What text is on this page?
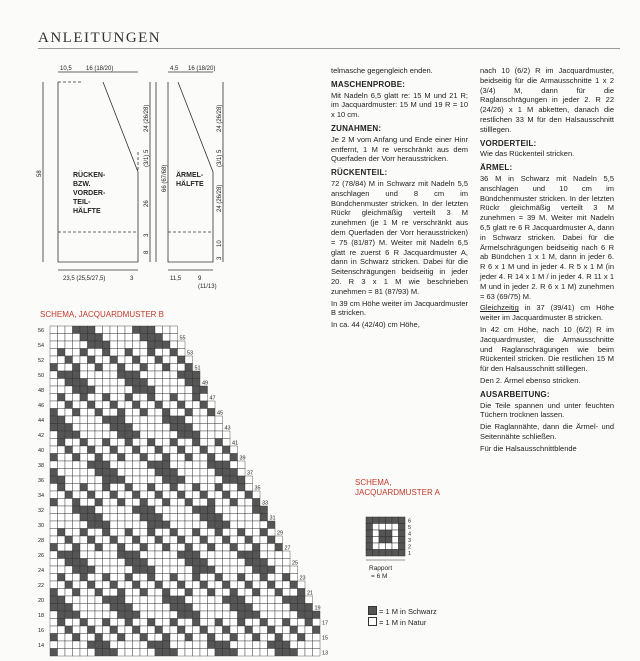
ANLEITUNGEN
10,5 16 (18/20)	4,5 16 (18/20)
23,5 (25,5/27,5)	3	11,5	9
(11/13)
RÜCKEN-
BZW.
VORDER-
TEIL-
HÄLFTE
ÄRMEL-
HÄLFTE
58
24 (26/28)
(3/1) 5
26
3
8
66 (67/68)
24 (26/28)
(3/1) 5
24 (26/28)
10
3
SCHEMA, JACQUARDMUSTER B
56
54
52
50
48
46
44
42
40
38
36
34
32
30
28
26
24
22
20
18
16
14
55
53
51
49
47
45
43
41
39
37
35
33
31
29
27
25
23
21
19
17
15
13

telmasche gegengleich enden.

MASCHENPROBE:

Mit Nadeln 6,5 glatt re: 15 M und 21 R; im Jacquardmuster: 15 M und 19 R = 10 x 10 cm.

ZUNAHMEN:

Je 2 M vom Anfang und Ende einer Hinr entfernt, 1 M re verschränkt aus dem Querfaden der Vorr herausstricken.

RÜCKENTEIL:

72 (78/84) M in Schwarz mit Nadeln 5,5 anschlagen und 8 cm im Bündchenmuster stricken. In der letzten Rückr gleichmäßig verteilt 3 M zunehmen (je 1 M re verschränkt aus dem Querfaden der Vorr herausstricken) = 75 (81/87) M. Weiter mit Nadeln 6,5 glatt re zuerst 6 R Jacquardmuster A, dann in Schwarz stricken. Dabei für die Seitenschrägungen beidseitig in jeder 20. R 3 x 1 M wie beschrieben zunehmen = 81 (87/93) M.

In 39 cm Höhe weiter im Jacquardmuster B stricken.

In ca. 44 (42/40) cm Höhe,

SCHEMA,
JACQUARDMUSTER A
6
5
4
3
2
1
Rapport
= 6 M
= 1 M in Schwarz
= 1 M in Natur

nach 10 (6/2) R im Jacquardmuster, beidseitig für die Armausschnitte 1 x 2 (3/4) M, dann für die Raglanschrägungen in jeder 2. R 22 (24/26) x 1 M abketten, danach die restlichen 33 M für den Halsausschnitt stilllegen.

VORDERTEIL:

Wie das Rückenteil stricken.

ÄRMEL:

36 M in Schwarz mit Nadeln 5,5 anschlagen und 10 cm im Bündchenmuster stricken. In der letzten Rückr gleichmäßig verteilt 3 M zunehmen = 39 M. Weiter mit Nadeln 6,5 glatt re 6 R Jacquardmuster A, dann in Schwarz stricken. Dabei für die Ärmelschrägungen beidseitig nach 6 R ab Bündchen 1 x 1 M, dann in jeder 6. R 6 x 1 M und in jeder 4. R 5 x 1 M (in jeder 4. R 14 x 1 M / in jeder 4. R 11 x 1 M und in jeder 2. R 6 x 1 M) zunehmen = 63 (69/75) M.

Gleichzeitig in 37 (39/41) cm Höhe weiter im Jacquardmuster B stricken.

In 42 cm Höhe, nach 10 (6/2) R im Jacquardmuster, die Armausschnitte und Raglanschrägungen wie beim Rückenteil stricken. Die restlichen 15 M für den Halsausschnitt stilllegen.

Den 2. Ärmel ebenso stricken.

AUSARBEITUNG:

Die Teile spannen und unter feuchten Tüchern trocknen lassen.

Die Raglannähte, dann die Ärmel- und Seitennähte schließen.

Für die Halsausschnittblende
